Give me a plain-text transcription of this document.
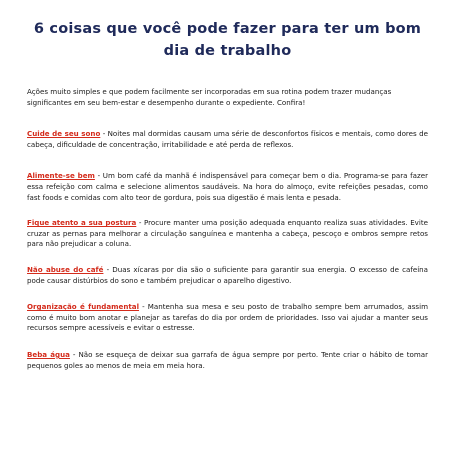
6 coisas que você pode fazer para ter um bom dia de trabalho

Ações muito simples e que podem facilmente ser incorporadas em sua rotina podem trazer mudanças significantes em seu bem-estar e desempenho durante o expediente. Confira!

Cuide de seu sono - Noites mal dormidas causam uma série de desconfortos físicos e mentais, como dores de cabeça, dificuldade de concentração, irritabilidade e até perda de reflexos.

Alimente-se bem - Um bom café da manhã é indispensável para começar bem o dia. Programa-se para fazer essa refeição com calma e selecione alimentos saudáveis. Na hora do almoço, evite refeições pesadas, como fast foods e comidas com alto teor de gordura, pois sua digestão é mais lenta e pesada.

Fique atento a sua postura - Procure manter uma posição adequada enquanto realiza suas atividades. Evite cruzar as pernas para melhorar a circulação sanguínea e mantenha a cabeça, pescoço e ombros sempre retos para não prejudicar a coluna.

Não abuse do café - Duas xícaras por dia são o suficiente para garantir sua energia. O excesso de cafeína pode causar distúrbios do sono e também prejudicar o aparelho digestivo.

Organização é fundamental - Mantenha sua mesa e seu posto de trabalho sempre bem arrumados, assim como é muito bom anotar e planejar as tarefas do dia por ordem de prioridades. Isso vai ajudar a manter seus recursos sempre acessíveis e evitar o estresse.

Beba água - Não se esqueça de deixar sua garrafa de água sempre por perto. Tente criar o hábito de tomar pequenos goles ao menos de meia em meia hora.
